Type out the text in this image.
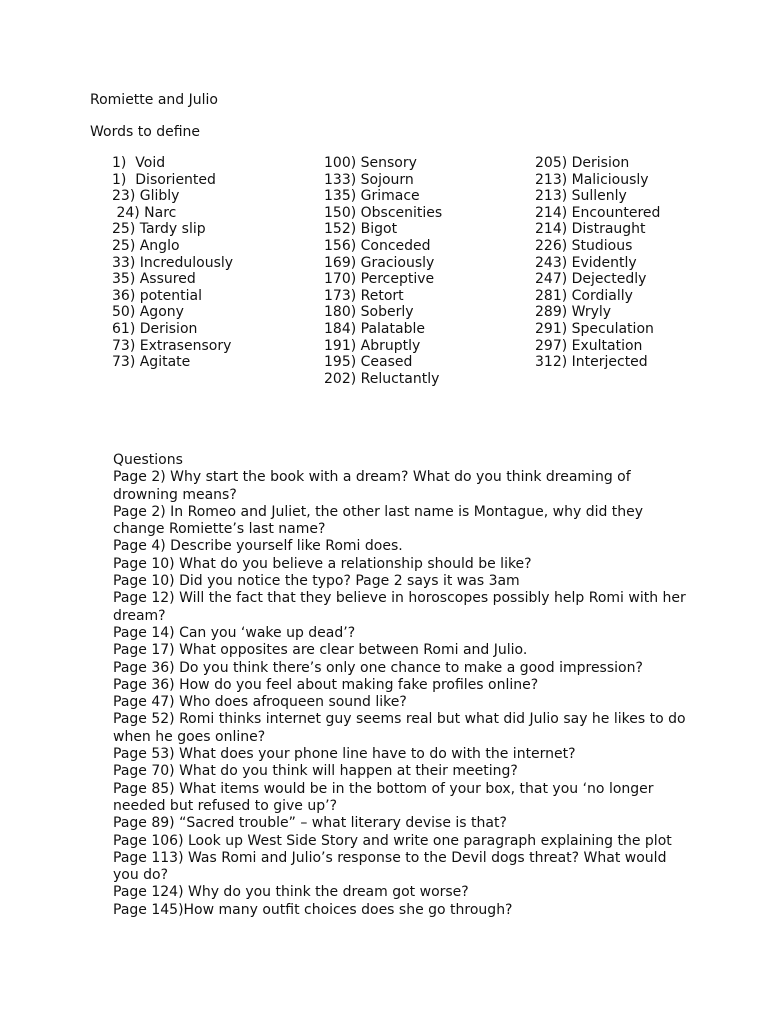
Romiette and Julio
Words to define
1)  Void
1)  Disoriented
23) Glibly
24) Narc
25) Tardy slip
25) Anglo
33) Incredulously
35) Assured
36) potential
50) Agony
61) Derision
73) Extrasensory
73) Agitate
100) Sensory
133) Sojourn
135) Grimace
150) Obscenities
152) Bigot
156) Conceded
169) Graciously
170) Perceptive
173) Retort
180) Soberly
184) Palatable
191) Abruptly
195) Ceased
202) Reluctantly
205) Derision
213) Maliciously
213) Sullenly
214) Encountered
214) Distraught
226) Studious
243) Evidently
247) Dejectedly
281) Cordially
289) Wryly
291) Speculation
297) Exultation
312) Interjected
Questions
Page 2) Why start the book with a dream? What do you think dreaming of drowning means?
Page 2) In Romeo and Juliet, the other last name is Montague, why did they change Romiette’s last name?
Page 4) Describe yourself like Romi does.
Page 10) What do you believe a relationship should be like?
Page 10) Did you notice the typo? Page 2 says it was 3am
Page 12) Will the fact that they believe in horoscopes possibly help Romi with her dream?
Page 14) Can you ‘wake up dead’?
Page 17) What opposites are clear between Romi and Julio.
Page 36) Do you think there’s only one chance to make a good impression?
Page 36) How do you feel about making fake profiles online?
Page 47) Who does afroqueen sound like?
Page 52) Romi thinks internet guy seems real but what did Julio say he likes to do when he goes online?
Page 53) What does your phone line have to do with the internet?
Page 70) What do you think will happen at their meeting?
Page 85) What items would be in the bottom of your box, that you ‘no longer needed but refused to give up’?
Page 89) “Sacred trouble” – what literary devise is that?
Page 106) Look up West Side Story and write one paragraph explaining the plot
Page 113) Was Romi and Julio’s response to the Devil dogs threat? What would you do?
Page 124) Why do you think the dream got worse?
Page 145)How many outfit choices does she go through?
